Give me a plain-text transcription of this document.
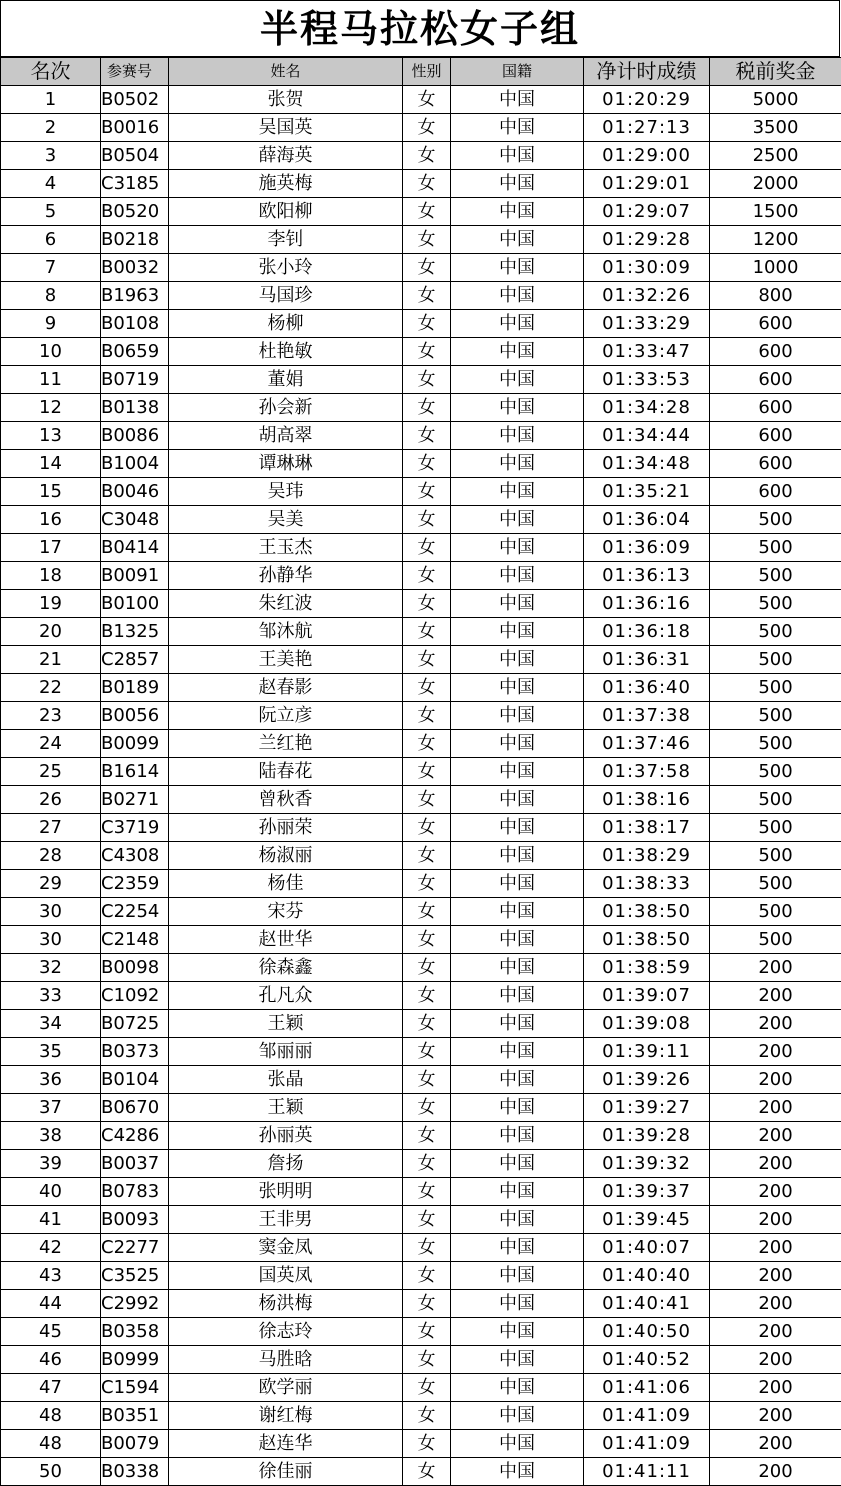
半程马拉松女子组
名次	参赛号	姓名	性别	国籍	净计时成绩	税前奖金
1	B0502	张贺	女	中国	01:20:29	5000
2	B0016	吴国英	女	中国	01:27:13	3500
3	B0504	薛海英	女	中国	01:29:00	2500
4	C3185	施英梅	女	中国	01:29:01	2000
5	B0520	欧阳柳	女	中国	01:29:07	1500
6	B0218	李钊	女	中国	01:29:28	1200
7	B0032	张小玲	女	中国	01:30:09	1000
8	B1963	马国珍	女	中国	01:32:26	800
9	B0108	杨柳	女	中国	01:33:29	600
10	B0659	杜艳敏	女	中国	01:33:47	600
11	B0719	董娟	女	中国	01:33:53	600
12	B0138	孙会新	女	中国	01:34:28	600
13	B0086	胡高翠	女	中国	01:34:44	600
14	B1004	谭琳琳	女	中国	01:34:48	600
15	B0046	吴玮	女	中国	01:35:21	600
16	C3048	吴美	女	中国	01:36:04	500
17	B0414	王玉杰	女	中国	01:36:09	500
18	B0091	孙静华	女	中国	01:36:13	500
19	B0100	朱红波	女	中国	01:36:16	500
20	B1325	邹沐航	女	中国	01:36:18	500
21	C2857	王美艳	女	中国	01:36:31	500
22	B0189	赵春影	女	中国	01:36:40	500
23	B0056	阮立彦	女	中国	01:37:38	500
24	B0099	兰红艳	女	中国	01:37:46	500
25	B1614	陆春花	女	中国	01:37:58	500
26	B0271	曾秋香	女	中国	01:38:16	500
27	C3719	孙丽荣	女	中国	01:38:17	500
28	C4308	杨淑丽	女	中国	01:38:29	500
29	C2359	杨佳	女	中国	01:38:33	500
30	C2254	宋芬	女	中国	01:38:50	500
30	C2148	赵世华	女	中国	01:38:50	500
32	B0098	徐森鑫	女	中国	01:38:59	200
33	C1092	孔凡众	女	中国	01:39:07	200
34	B0725	王颖	女	中国	01:39:08	200
35	B0373	邹丽丽	女	中国	01:39:11	200
36	B0104	张晶	女	中国	01:39:26	200
37	B0670	王颖	女	中国	01:39:27	200
38	C4286	孙丽英	女	中国	01:39:28	200
39	B0037	詹扬	女	中国	01:39:32	200
40	B0783	张明明	女	中国	01:39:37	200
41	B0093	王非男	女	中国	01:39:45	200
42	C2277	窦金凤	女	中国	01:40:07	200
43	C3525	国英凤	女	中国	01:40:40	200
44	C2992	杨洪梅	女	中国	01:40:41	200
45	B0358	徐志玲	女	中国	01:40:50	200
46	B0999	马胜晗	女	中国	01:40:52	200
47	C1594	欧学丽	女	中国	01:41:06	200
48	B0351	谢红梅	女	中国	01:41:09	200
48	B0079	赵连华	女	中国	01:41:09	200
50	B0338	徐佳丽	女	中国	01:41:11	200
